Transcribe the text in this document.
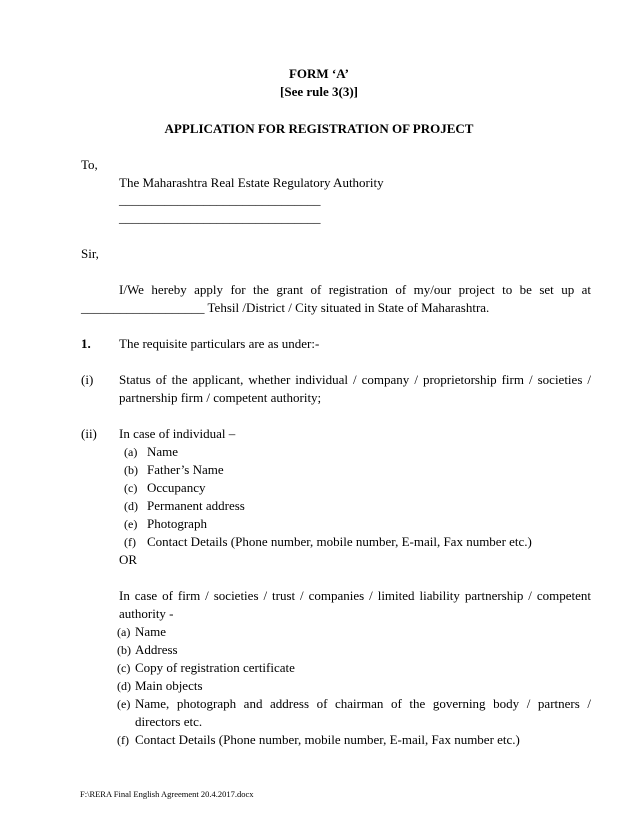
FORM ‘A’
[See rule 3(3)]
APPLICATION FOR REGISTRATION OF PROJECT
To,
The Maharashtra Real Estate Regulatory Authority
_______________________________
_______________________________
Sir,
I/We hereby apply for the grant of registration of my/our project to be set up at
___________________ Tehsil /District / City situated in State of Maharashtra.
1. The requisite particulars are as under:-
(i) Status of the applicant, whether individual / company / proprietorship firm / societies /
partnership firm / competent authority;
(ii) In case of individual –
(a) Name
(b) Father’s Name
(c) Occupancy
(d) Permanent address
(e) Photograph
(f) Contact Details (Phone number, mobile number, E-mail, Fax number etc.)
OR
In case of firm / societies / trust / companies / limited liability partnership / competent
authority -
(a) Name
(b) Address
(c) Copy of registration certificate
(d) Main objects
(e) Name, photograph and address of chairman of the governing body / partners /
directors etc.
(f) Contact Details (Phone number, mobile number, E-mail, Fax number etc.)
F:\RERA Final English Agreement 20.4.2017.docx
